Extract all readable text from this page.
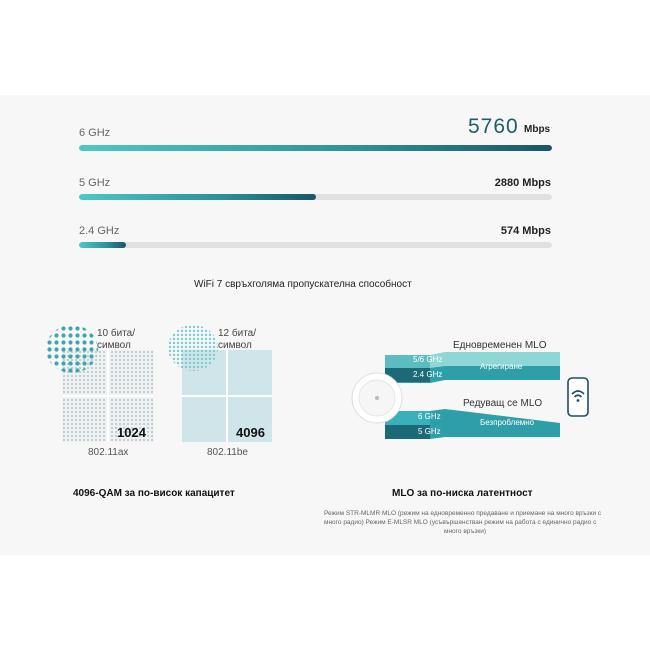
6 GHz	5760 Mbps
5 GHz	2880 Mbps
2.4 GHz	574 Mbps
WiFi 7 свръхголяма пропускателна способност
10 бита/
символ
1024
802.11ax
12 бита/
символ
4096
802.11be
4096-QAM за по-висок капацитет
Едновременен MLO
5/6 GHz
2.4 GHz
Агрегиране
Редуващ се MLO
6 GHz
5 GHz
Безпроблемно
MLO за по-ниска латентност
Режим STR-MLMR MLO (режим на едновременно предаване и приемане на много връзки с
много радио) Режим E-MLSR MLO (усъвършенстван режим на работа с единично радио с
много връзки)
